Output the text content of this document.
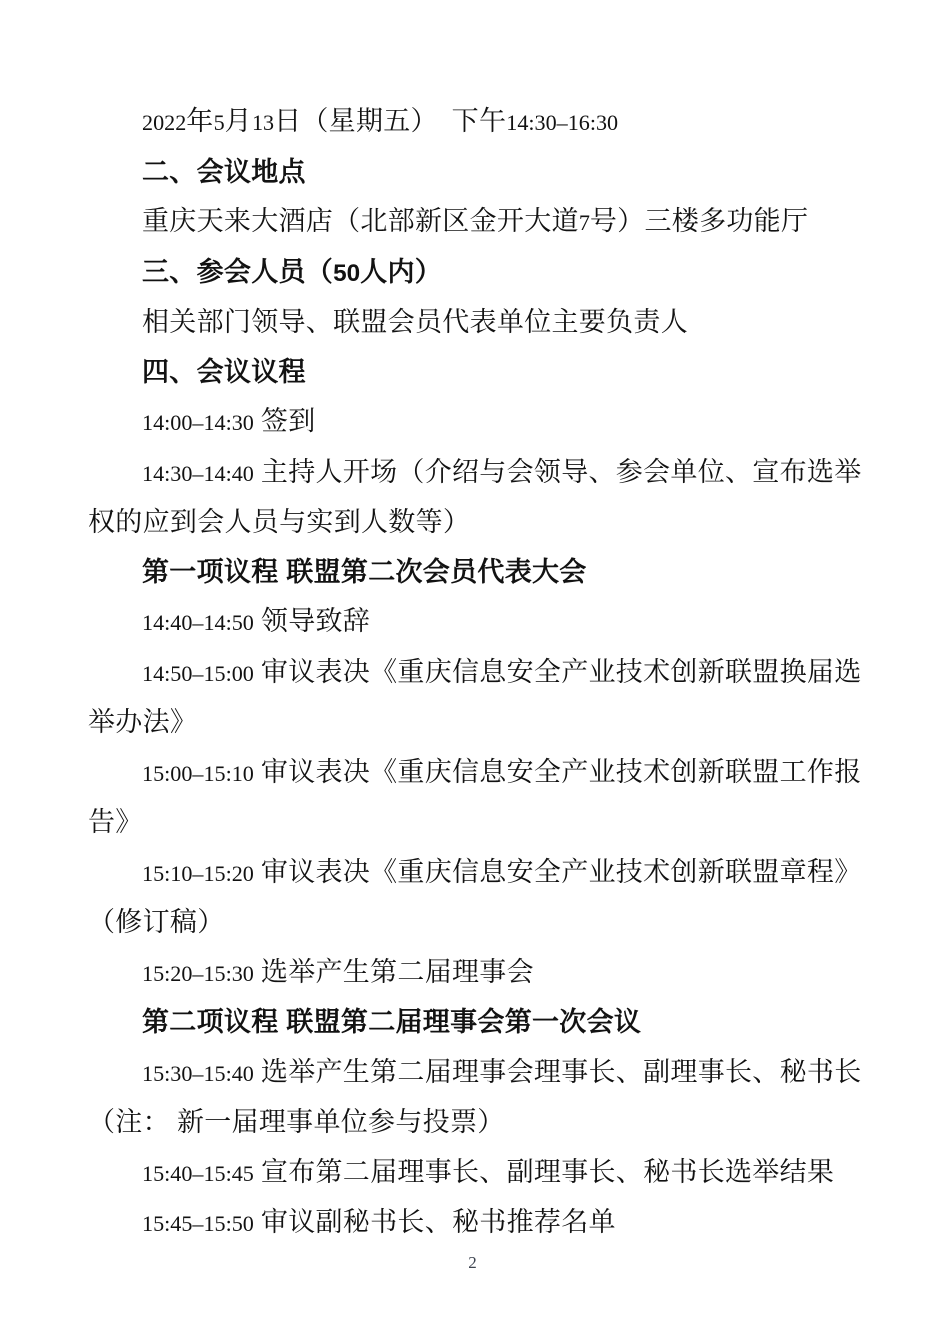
2022年5月13日（星期五）　下午14:30–16:30
二、会议地点
重庆天来大酒店（北部新区金开大道7号）三楼多功能厅
三、参会人员（50人内）
相关部门领导、联盟会员代表单位主要负责人
四、会议议程
14:00–14:30 签到
14:30–14:40 主持人开场（介绍与会领导、参会单位、宣布选举
权的应到会人员与实到人数等）
第一项议程 联盟第二次会员代表大会
14:40–14:50 领导致辞
14:50–15:00 审议表决《重庆信息安全产业技术创新联盟换届选
举办法》
15:00–15:10 审议表决《重庆信息安全产业技术创新联盟工作报
告》
15:10–15:20 审议表决《重庆信息安全产业技术创新联盟章程》
（修订稿）
15:20–15:30 选举产生第二届理事会
第二项议程 联盟第二届理事会第一次会议
15:30–15:40 选举产生第二届理事会理事长、副理事长、秘书长
（注： 新一届理事单位参与投票）
15:40–15:45 宣布第二届理事长、副理事长、秘书长选举结果
15:45–15:50 审议副秘书长、秘书推荐名单
2
